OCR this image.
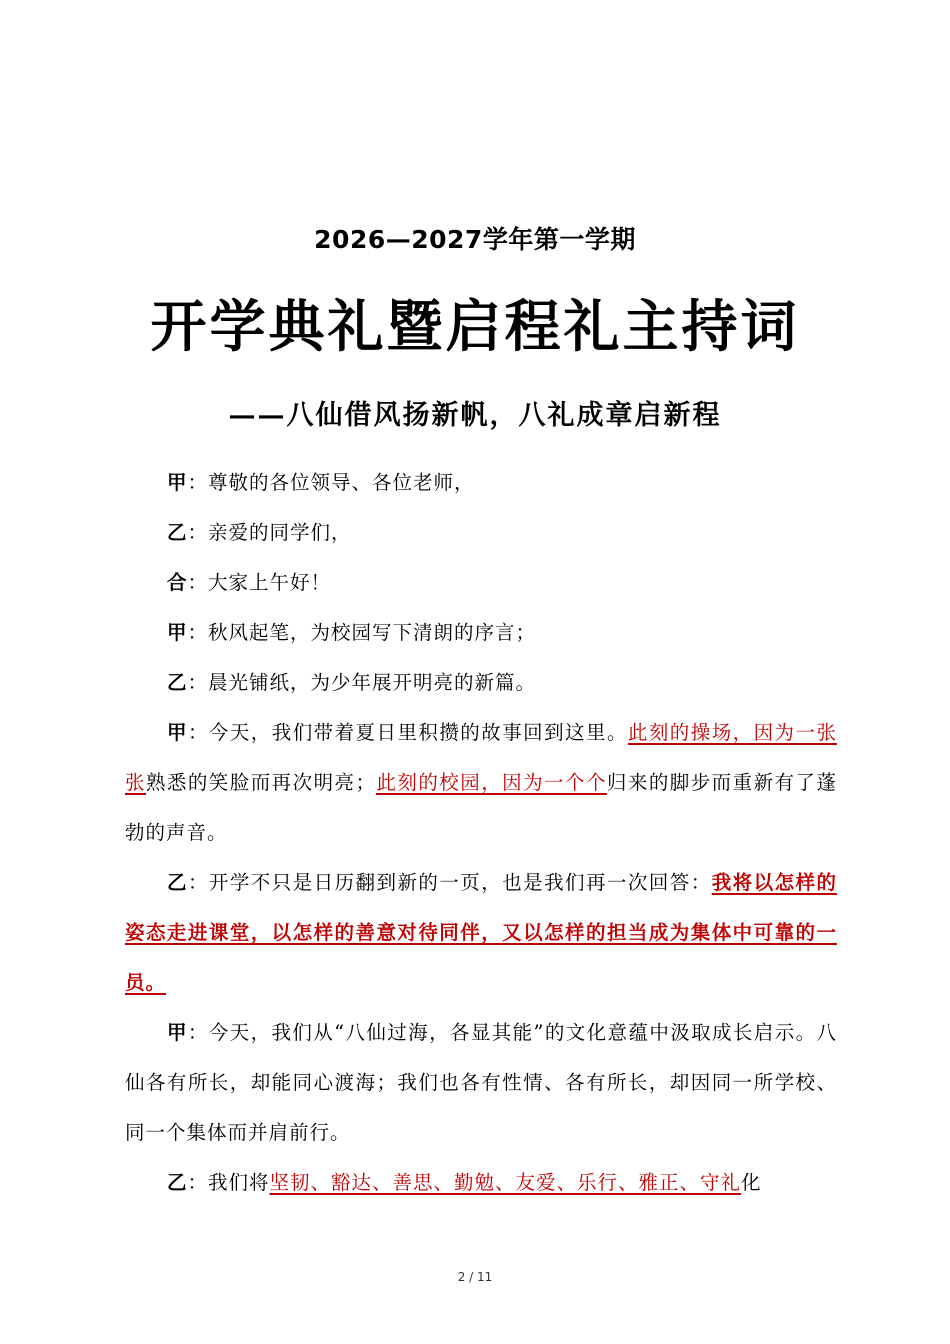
2026—2027学年第一学期
开学典礼暨启程礼主持词
——八仙借风扬新帆，八礼成章启新程

甲：尊敬的各位领导、各位老师，

乙：亲爱的同学们，

合：大家上午好！

甲：秋风起笔，为校园写下清朗的序言；

乙：晨光铺纸，为少年展开明亮的新篇。

甲：今天，我们带着夏日里积攒的故事回到这里。此刻的操场，因为一张张熟悉的笑脸而再次明亮；此刻的校园，因为一个个归来的脚步而重新有了蓬勃的声音。

乙：开学不只是日历翻到新的一页，也是我们再一次回答：我将以怎样的姿态走进课堂，以怎样的善意对待同伴，又以怎样的担当成为集体中可靠的一员。

甲：今天，我们从“八仙过海，各显其能”的文化意蕴中汲取成长启示。八仙各有所长，却能同心渡海；我们也各有性情、各有所长，却因同一所学校、同一个集体而并肩前行。

乙：我们将坚韧、豁达、善思、勤勉、友爱、乐行、雅正、守礼化

2 / 11
